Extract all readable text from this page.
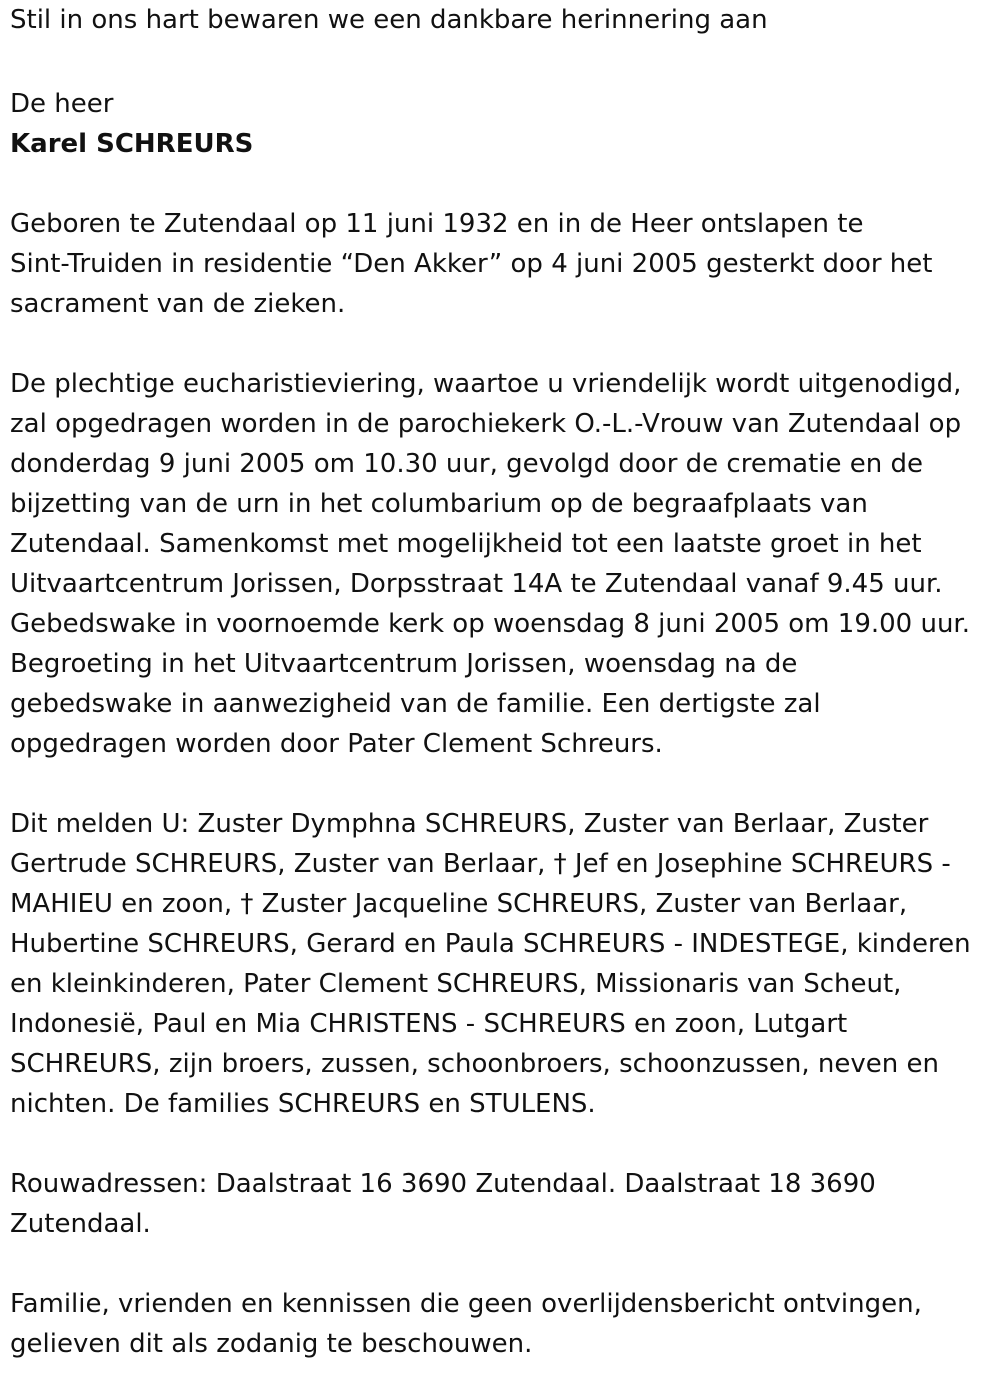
Stil in ons hart bewaren we een dankbare herinnering aan
De heer
Karel SCHREURS
Geboren te Zutendaal op 11 juni 1932 en in de Heer ontslapen te
Sint-Truiden in residentie “Den Akker” op 4 juni 2005 gesterkt door het
sacrament van de zieken.
De plechtige eucharistieviering, waartoe u vriendelijk wordt uitgenodigd,
zal opgedragen worden in de parochiekerk O.-L.-Vrouw van Zutendaal op
donderdag 9 juni 2005 om 10.30 uur, gevolgd door de crematie en de
bijzetting van de urn in het columbarium op de begraafplaats van
Zutendaal. Samenkomst met mogelijkheid tot een laatste groet in het
Uitvaartcentrum Jorissen, Dorpsstraat 14A te Zutendaal vanaf 9.45 uur.
Gebedswake in voornoemde kerk op woensdag 8 juni 2005 om 19.00 uur.
Begroeting in het Uitvaartcentrum Jorissen, woensdag na de
gebedswake in aanwezigheid van de familie. Een dertigste zal
opgedragen worden door Pater Clement Schreurs.
Dit melden U: Zuster Dymphna SCHREURS, Zuster van Berlaar, Zuster
Gertrude SCHREURS, Zuster van Berlaar, † Jef en Josephine SCHREURS -
MAHIEU en zoon, † Zuster Jacqueline SCHREURS, Zuster van Berlaar,
Hubertine SCHREURS, Gerard en Paula SCHREURS - INDESTEGE, kinderen
en kleinkinderen, Pater Clement SCHREURS, Missionaris van Scheut,
Indonesië, Paul en Mia CHRISTENS - SCHREURS en zoon, Lutgart
SCHREURS, zijn broers, zussen, schoonbroers, schoonzussen, neven en
nichten. De families SCHREURS en STULENS.
Rouwadressen: Daalstraat 16 3690 Zutendaal. Daalstraat 18 3690
Zutendaal.
Familie, vrienden en kennissen die geen overlijdensbericht ontvingen,
gelieven dit als zodanig te beschouwen.
